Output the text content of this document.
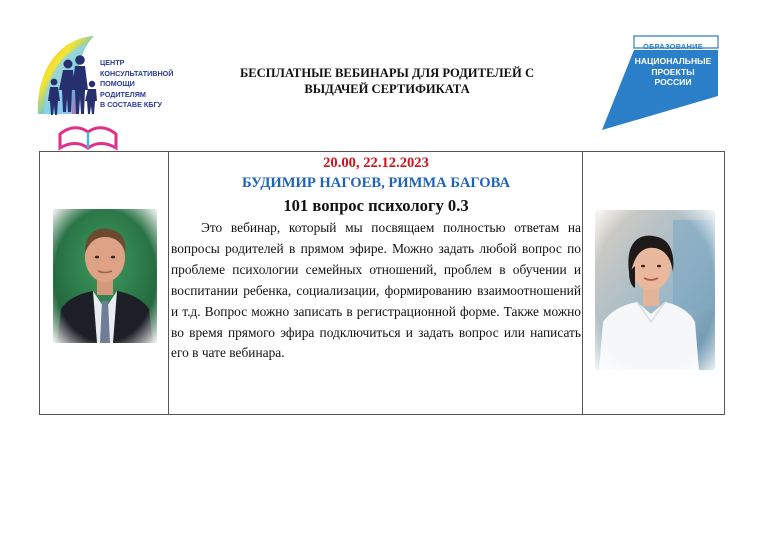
ЦЕНТР
КОНСУЛЬТАТИВНОЙ
ПОМОЩИ
РОДИТЕЛЯМ
В СОСТАВЕ КБГУ
БЕСПЛАТНЫЕ ВЕБИНАРЫ ДЛЯ РОДИТЕЛЕЙ С
ВЫДАЧЕЙ СЕРТИФИКАТА
ОБРАЗОВАНИЕ
НАЦИОНАЛЬНЫЕ
ПРОЕКТЫ
РОССИИ
20.00, 22.12.2023
БУДИМИР НАГОЕВ, РИММА БАГОВА
101 вопрос психологу 0.3
Это вебинар, который мы посвящаем полностью ответам на вопросы родителей в прямом эфире. Можно задать любой вопрос по проблеме психологии семейных отношений, проблем в обучении и воспитании ребенка, социализации, формированию взаимоотношений и т.д. Вопрос можно записать в регистрационной форме. Также можно во время прямого эфира подключиться и задать вопрос или написать его в чате вебинара.
